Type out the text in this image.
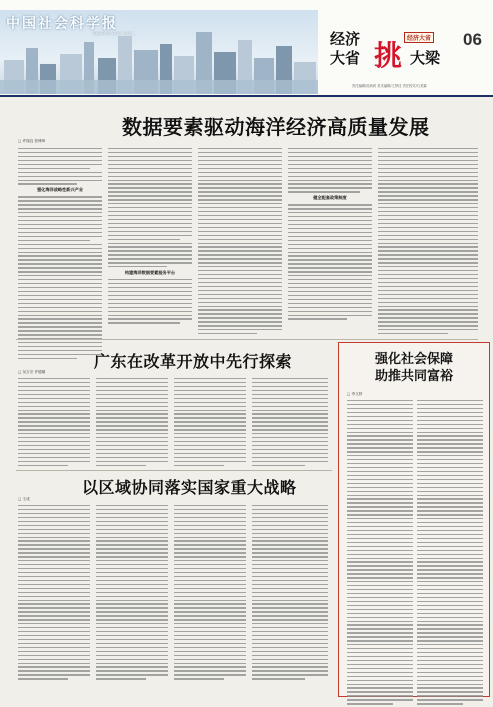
中国社会科学报
2023年6月13日 星期二	06
经济
大省 挑
经济大省
大梁
责任编辑/桂莉莉 美术编辑/王梦佳 责任校对/石美霖
数据要素驱动海洋经济高质量发展
□ 许瑞良 张博琦
强化海洋战略性新兴产业
构建海洋数据要素服务平台
健全配套政策制度
广东在改革开放中先行探索
□ 吴万宗 许德顺
以区域协同落实国家重大战略
□ 王成
强化社会保障
助推共同富裕
□ 李文婷
